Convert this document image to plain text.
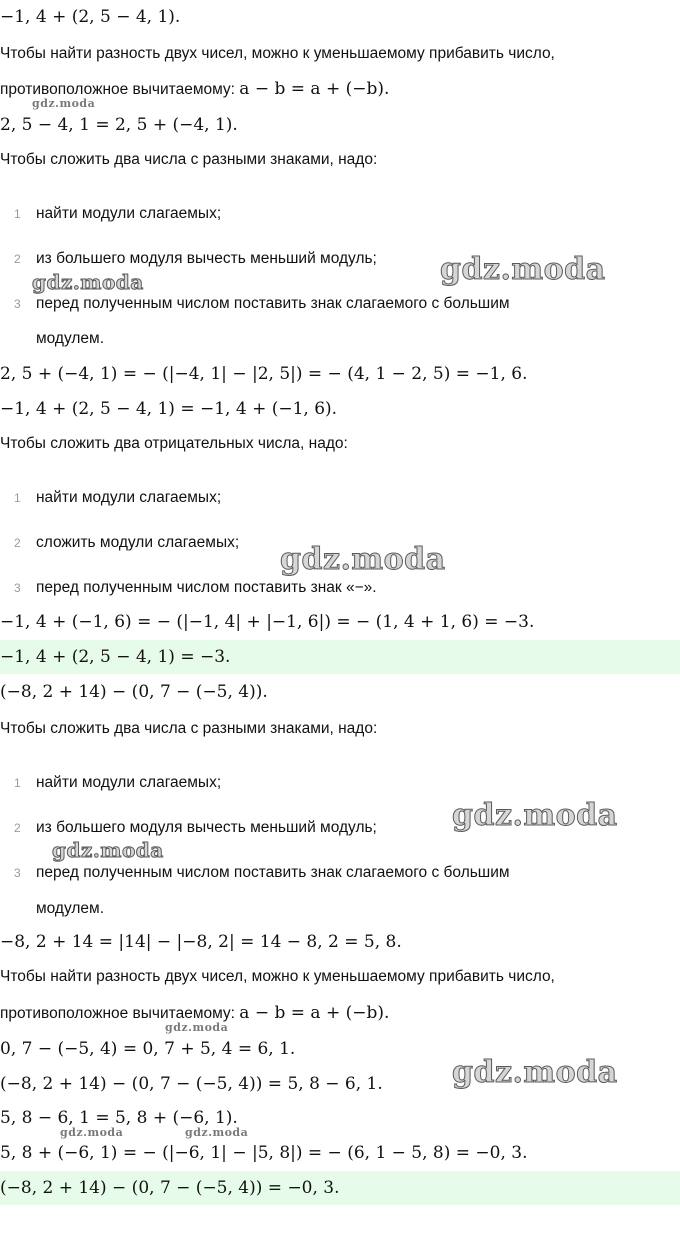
−1, 4 + (2, 5 − 4, 1).
Чтобы найти разность двух чисел, можно к уменьшаемому прибавить число,
противоположное вычитаемому: a − b = a + (−b).
2, 5 − 4, 1 = 2, 5 + (−4, 1).
Чтобы сложить два числа с разными знаками, надо:
1 найти модули слагаемых;
2 из большего модуля вычесть меньший модуль;
3 перед полученным числом поставить знак слагаемого с большим
модулем.
2, 5 + (−4, 1) = − (|−4, 1| − |2, 5|) = − (4, 1 − 2, 5) = −1, 6.
−1, 4 + (2, 5 − 4, 1) = −1, 4 + (−1, 6).
Чтобы сложить два отрицательных числа, надо:
1 найти модули слагаемых;
2 сложить модули слагаемых;
3 перед полученным числом поставить знак «−».
−1, 4 + (−1, 6) = − (|−1, 4| + |−1, 6|) = − (1, 4 + 1, 6) = −3.
−1, 4 + (2, 5 − 4, 1) = −3.
(−8, 2 + 14) − (0, 7 − (−5, 4)).
Чтобы сложить два числа с разными знаками, надо:
1 найти модули слагаемых;
2 из большего модуля вычесть меньший модуль;
3 перед полученным числом поставить знак слагаемого с большим
модулем.
−8, 2 + 14 = |14| − |−8, 2| = 14 − 8, 2 = 5, 8.
Чтобы найти разность двух чисел, можно к уменьшаемому прибавить число,
противоположное вычитаемому: a − b = a + (−b).
0, 7 − (−5, 4) = 0, 7 + 5, 4 = 6, 1.
(−8, 2 + 14) − (0, 7 − (−5, 4)) = 5, 8 − 6, 1.
5, 8 − 6, 1 = 5, 8 + (−6, 1).
5, 8 + (−6, 1) = − (|−6, 1| − |5, 8|) = − (6, 1 − 5, 8) = −0, 3.
(−8, 2 + 14) − (0, 7 − (−5, 4)) = −0, 3.
gdz.moda
gdz.moda
gdz.moda
gdz.moda
gdz.moda
gdz.moda
gdz.moda
gdz.moda
gdz.moda	gdz.moda
